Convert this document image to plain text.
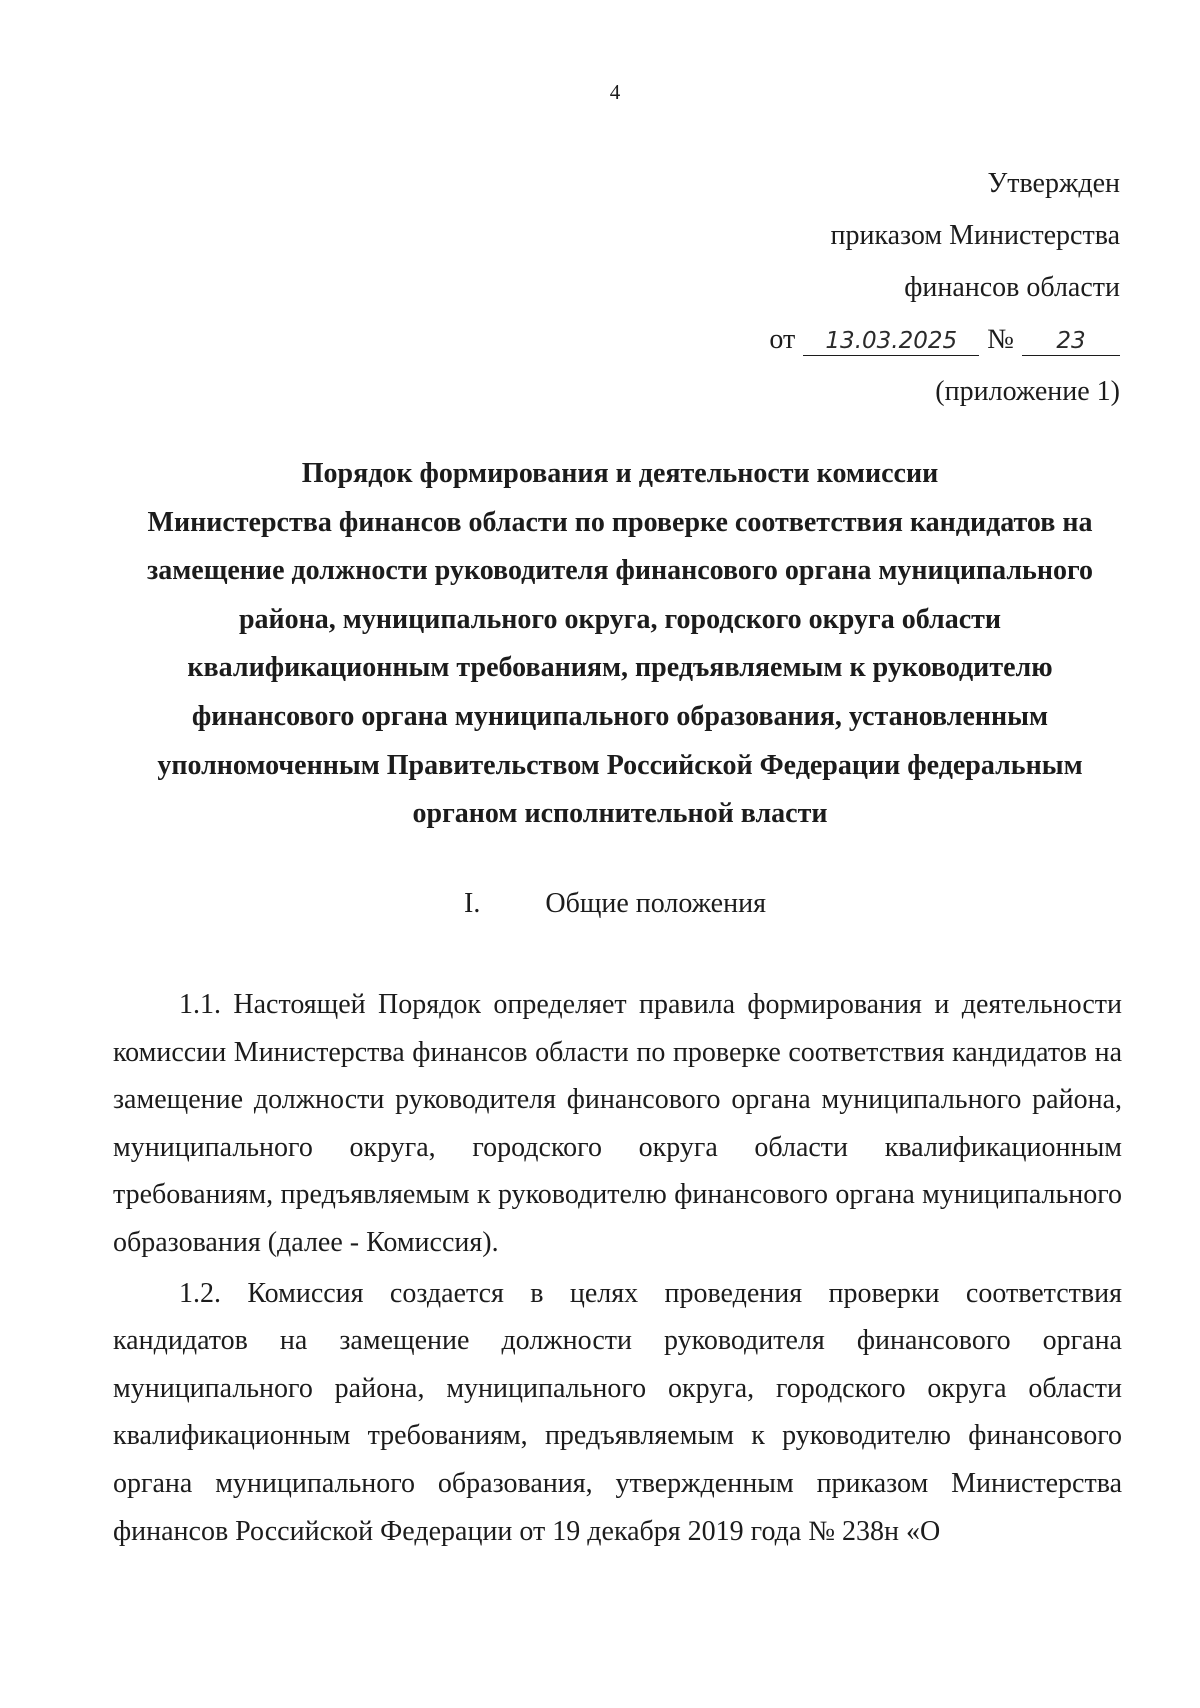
4
Утвержден
приказом Министерства
финансов области
от	13.03.2025	№	23
(приложение 1)
Порядок формирования и деятельности комиссии
Министерства финансов области по проверке соответствия кандидатов на
замещение должности руководителя финансового органа муниципального
района, муниципального округа, городского округа области
квалификационным требованиям, предъявляемым к руководителю
финансового органа муниципального образования, установленным
уполномоченным Правительством Российской Федерации федеральным
органом исполнительной власти
I. Общие положения

1.1. Настоящей Порядок определяет правила формирования и деятельности комиссии Министерства финансов области по проверке соответствия кандидатов на замещение должности руководителя финансового органа муниципального района, муниципального округа, городского округа области квалификационным требованиям, предъявляемым к руководителю финансового органа муниципального образования (далее - Комиссия).

1.2. Комиссия создается в целях проведения проверки соответствия кандидатов на замещение должности руководителя финансового органа муниципального района, муниципального округа, городского округа области квалификационным требованиям, предъявляемым к руководителю финансового органа муниципального образования, утвержденным приказом Министерства финансов Российской Федерации от 19 декабря 2019 года № 238н «О
